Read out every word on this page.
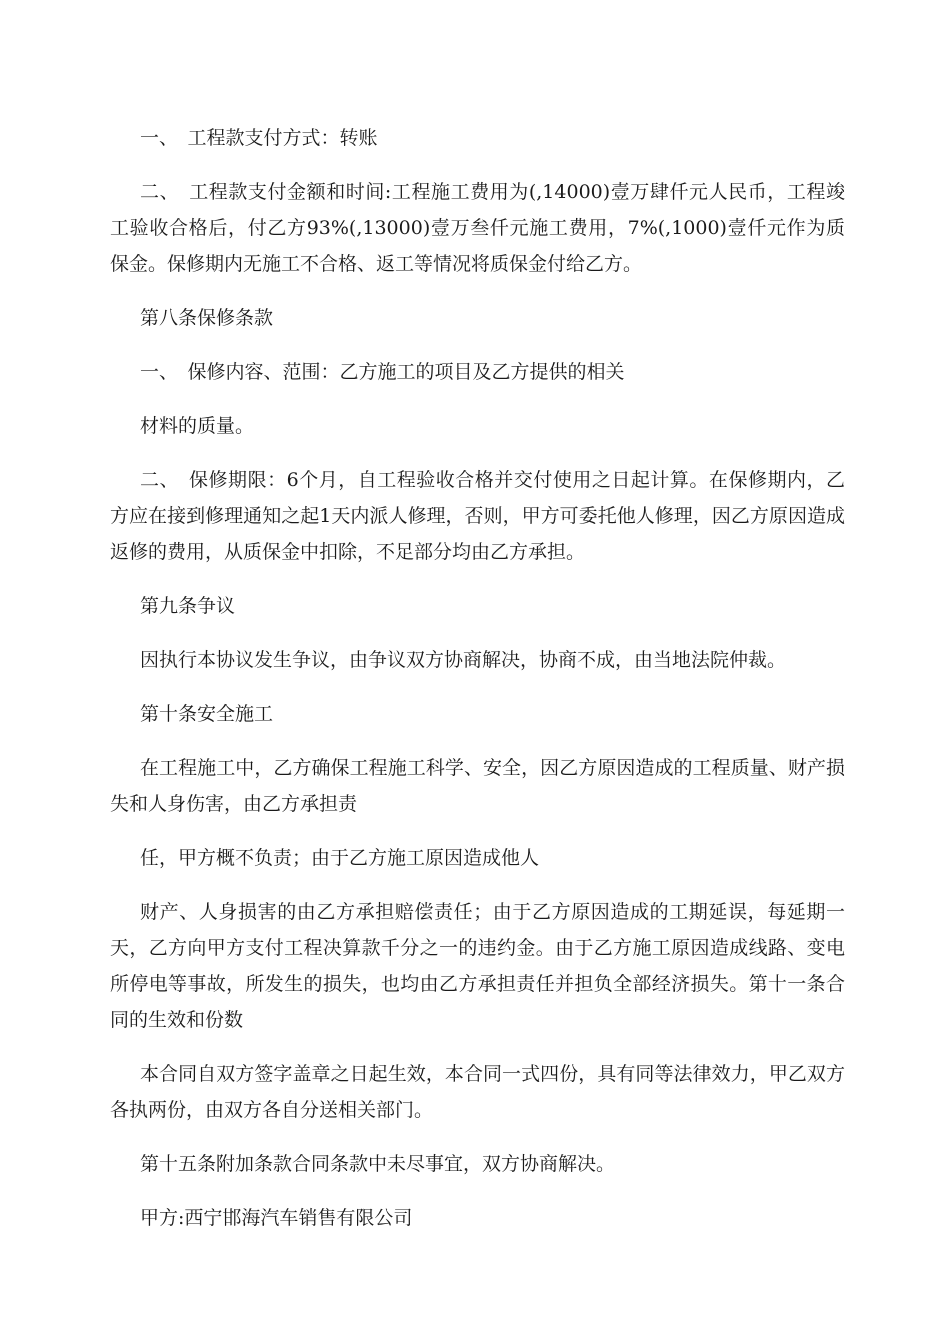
一、　工程款支付方式：转账

二、　工程款支付金额和时间:工程施工费用为(,14000)壹万肆仟元人民币，工程竣工验收合格后，付乙方93%(,13000)壹万叁仟元施工费用，7%(,1000)壹仟元作为质保金。保修期内无施工不合格、返工等情况将质保金付给乙方。

第八条保修条款

一、　保修内容、范围：乙方施工的项目及乙方提供的相关

材料的质量。

二、　保修期限：6个月，自工程验收合格并交付使用之日起计算。在保修期内，乙方应在接到修理通知之起1天内派人修理，否则，甲方可委托他人修理，因乙方原因造成返修的费用，从质保金中扣除，不足部分均由乙方承担。

第九条争议

因执行本协议发生争议，由争议双方协商解决，协商不成，由当地法院仲裁。

第十条安全施工

在工程施工中，乙方确保工程施工科学、安全，因乙方原因造成的工程质量、财产损失和人身伤害，由乙方承担责

任，甲方概不负责；由于乙方施工原因造成他人

财产、人身损害的由乙方承担赔偿责任；由于乙方原因造成的工期延误，每延期一天，乙方向甲方支付工程决算款千分之一的违约金。由于乙方施工原因造成线路、变电所停电等事故，所发生的损失，也均由乙方承担责任并担负全部经济损失。第十一条合同的生效和份数

本合同自双方签字盖章之日起生效，本合同一式四份，具有同等法律效力，甲乙双方各执两份，由双方各自分送相关部门。

第十五条附加条款合同条款中未尽事宜，双方协商解决。

甲方:西宁邯海汽车销售有限公司
